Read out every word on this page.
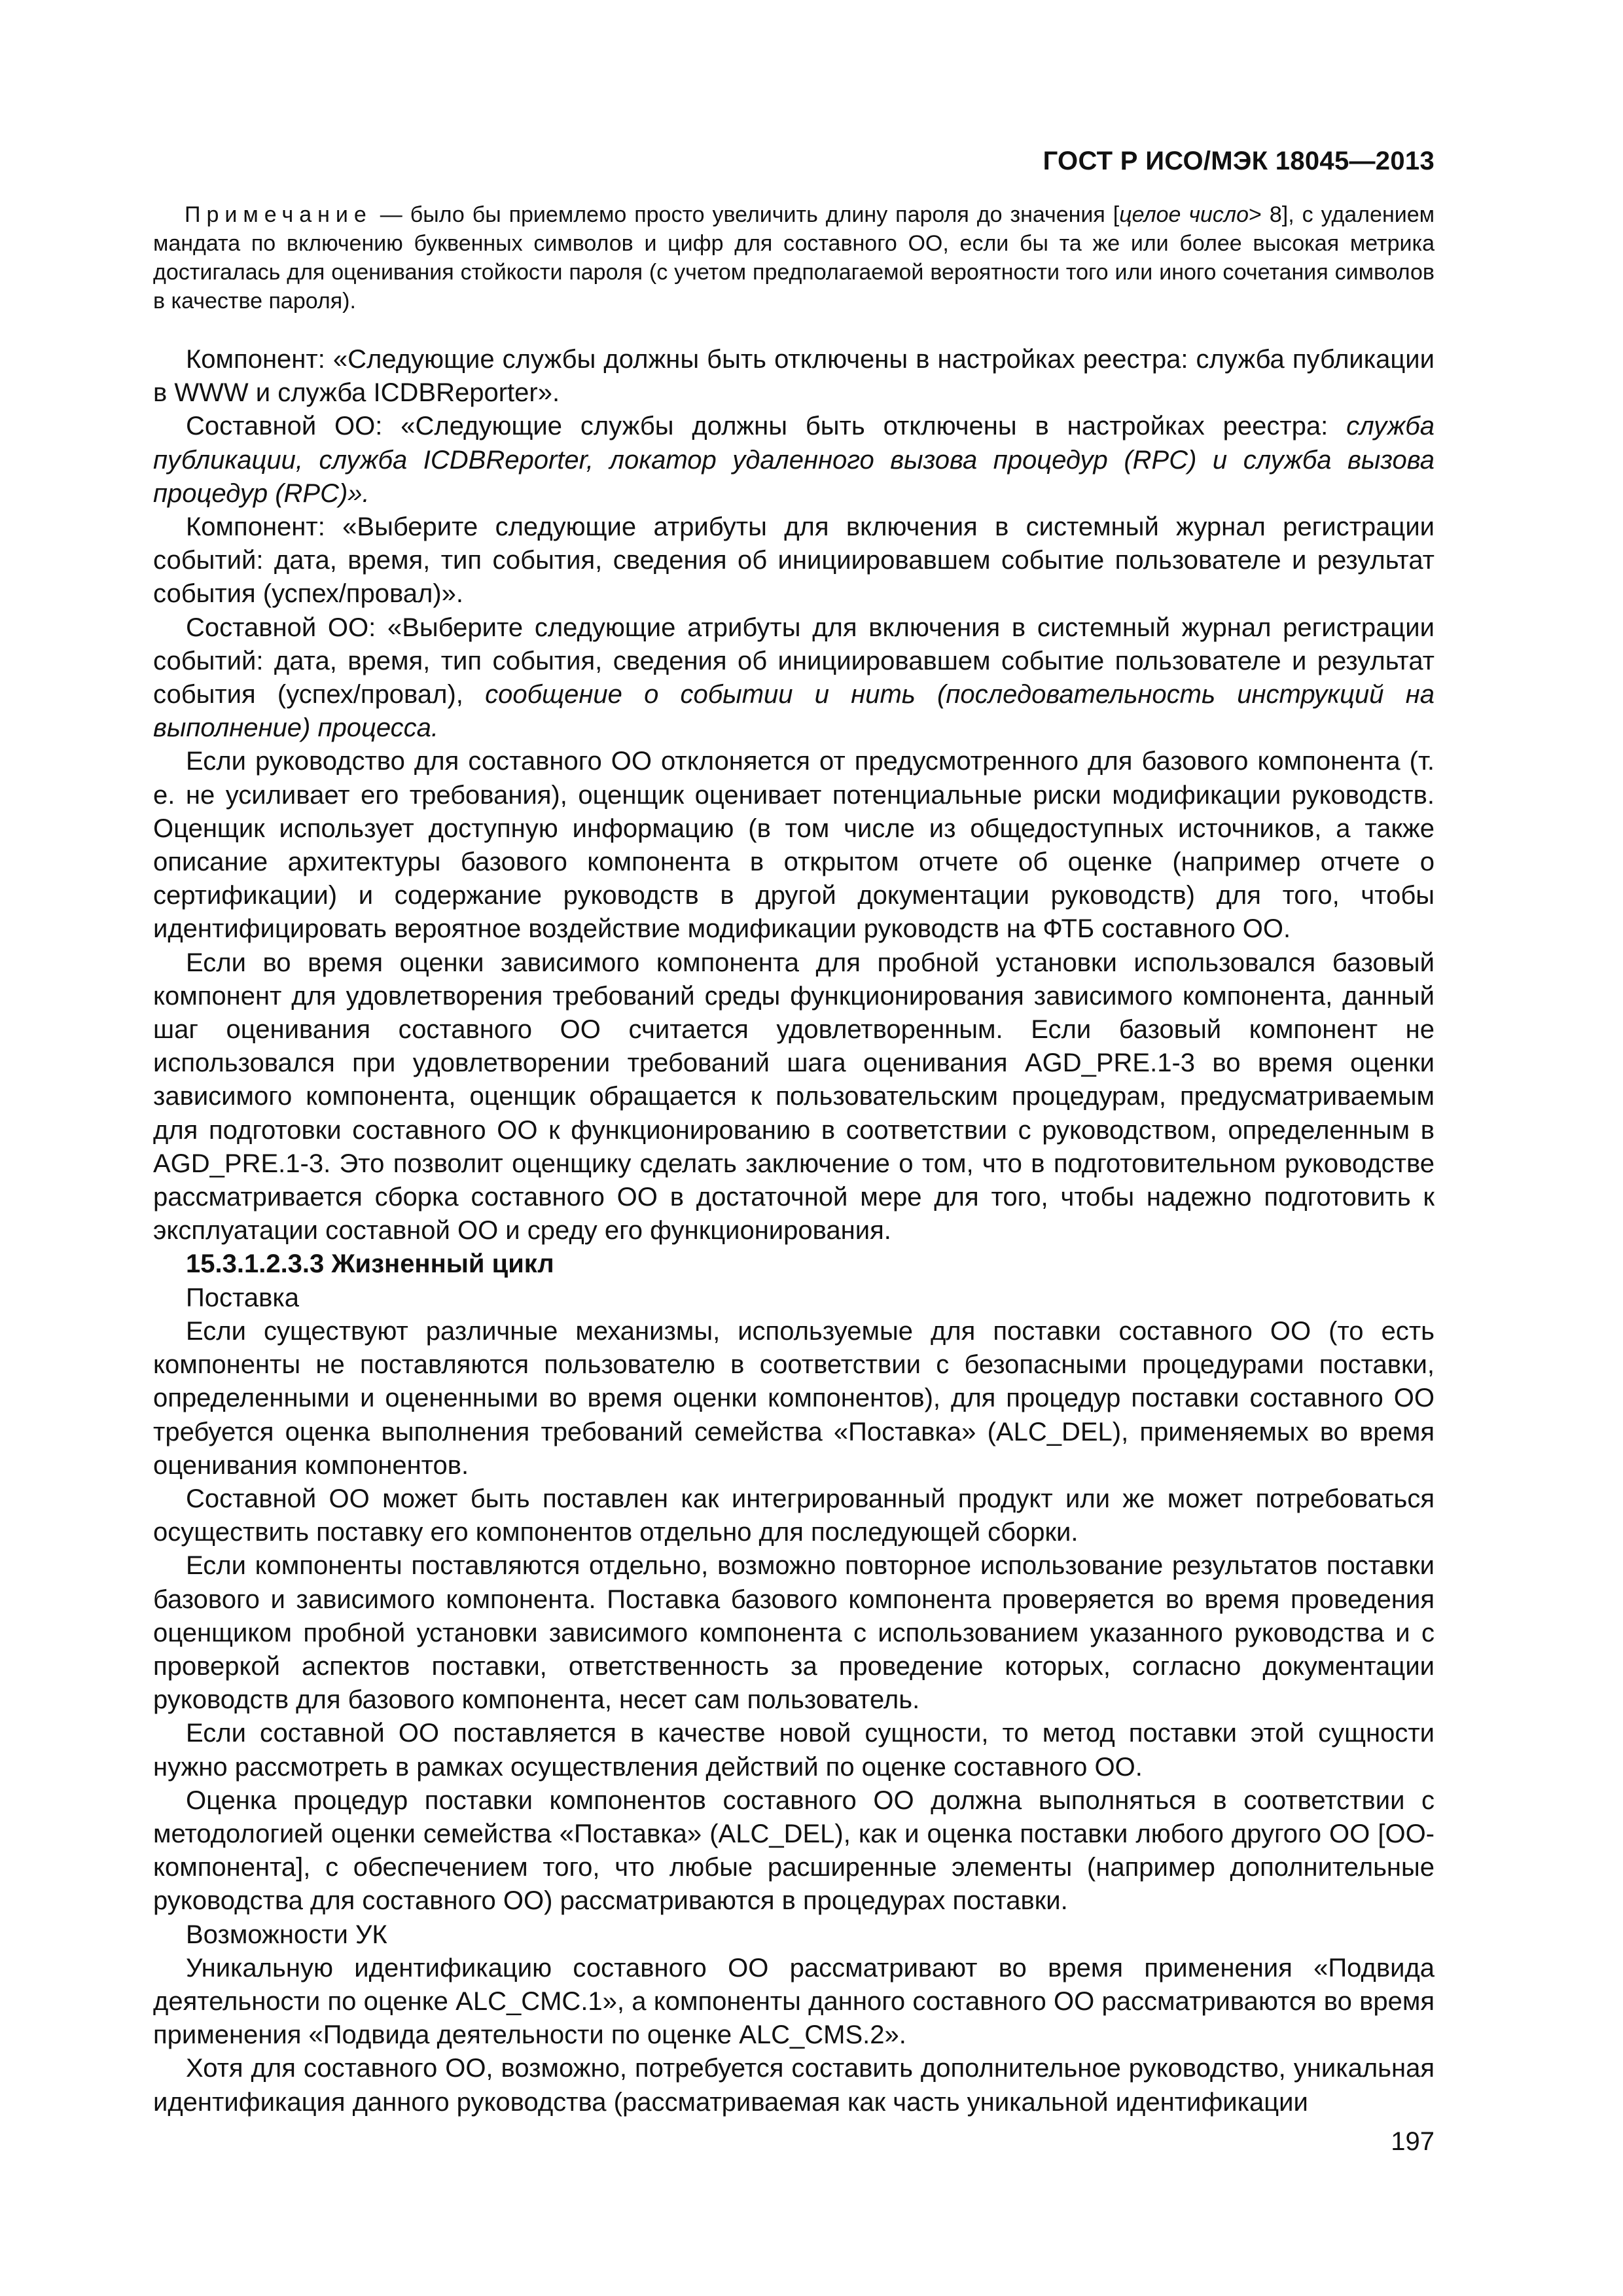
ГОСТ Р ИСО/МЭК 18045—2013
Примечание — было бы приемлемо просто увеличить длину пароля до значения [целое число> 8], с удалением мандата по включению буквенных символов и цифр для составного ОО, если бы та же или более высокая метрика достигалась для оценивания стойкости пароля (с учетом предполагаемой вероятности того или иного сочетания символов в качестве пароля).

Компонент: «Следующие службы должны быть отключены в настройках реестра: служба публикации в WWW и служба ICDBReporter».

Составной ОО: «Следующие службы должны быть отключены в настройках реестра: служба публикации, служба ICDBReporter, локатор удаленного вызова процедур (RPC) и служба вызова процедур (RPC)».

Компонент: «Выберите следующие атрибуты для включения в системный журнал регистрации событий: дата, время, тип события, сведения об инициировавшем событие пользователе и результат события (успех/провал)».

Составной ОО: «Выберите следующие атрибуты для включения в системный журнал регистрации событий: дата, время, тип события, сведения об инициировавшем событие пользователе и результат события (успех/провал), сообщение о событии и нить (последовательность инструкций на выполнение) процесса.

Если руководство для составного ОО отклоняется от предусмотренного для базового компонента (т. е. не усиливает его требования), оценщик оценивает потенциальные риски модификации руководств. Оценщик использует доступную информацию (в том числе из общедоступных источников, а также описание архитектуры базового компонента в открытом отчете об оценке (например отчете о сертификации) и содержание руководств в другой документации руководств) для того, чтобы идентифицировать вероятное воздействие модификации руководств на ФТБ составного ОО.

Если во время оценки зависимого компонента для пробной установки использовался базовый компонент для удовлетворения требований среды функционирования зависимого компонента, данный шаг оценивания составного ОО считается удовлетворенным. Если базовый компонент не использовался при удовлетворении требований шага оценивания AGD_PRE.1-3 во время оценки зависимого компонента, оценщик обращается к пользовательским процедурам, предусматриваемым для подготовки составного ОО к функционированию в соответствии с руководством, определенным в AGD_PRE.1-3. Это позволит оценщику сделать заключение о том, что в подготовительном руководстве рассматривается сборка составного ОО в достаточной мере для того, чтобы надежно подготовить к эксплуатации составной ОО и среду его функционирования.

15.3.1.2.3.3 Жизненный цикл

Поставка

Если существуют различные механизмы, используемые для поставки составного ОО (то есть компоненты не поставляются пользователю в соответствии с безопасными процедурами поставки, определенными и оцененными во время оценки компонентов), для процедур поставки составного ОО требуется оценка выполнения требований семейства «Поставка» (ALC_DEL), применяемых во время оценивания компонентов.

Составной ОО может быть поставлен как интегрированный продукт или же может потребоваться осуществить поставку его компонентов отдельно для последующей сборки.

Если компоненты поставляются отдельно, возможно повторное использование результатов поставки базового и зависимого компонента. Поставка базового компонента проверяется во время проведения оценщиком пробной установки зависимого компонента с использованием указанного руководства и с проверкой аспектов поставки, ответственность за проведение которых, согласно документации руководств для базового компонента, несет сам пользователь.

Если составной ОО поставляется в качестве новой сущности, то метод поставки этой сущности нужно рассмотреть в рамках осуществления действий по оценке составного ОО.

Оценка процедур поставки компонентов составного ОО должна выполняться в соответствии с методологией оценки семейства «Поставка» (ALC_DEL), как и оценка поставки любого другого ОО [ОО-компонента], с обеспечением того, что любые расширенные элементы (например дополнительные руководства для составного ОО) рассматриваются в процедурах поставки.

Возможности УК

Уникальную идентификацию составного ОО рассматривают во время применения «Подвида деятельности по оценке ALC_CMC.1», а компоненты данного составного ОО рассматриваются во время применения «Подвида деятельности по оценке ALC_CMS.2».

Хотя для составного ОО, возможно, потребуется составить дополнительное руководство, уникальная идентификация данного руководства (рассматриваемая как часть уникальной идентификации

197
